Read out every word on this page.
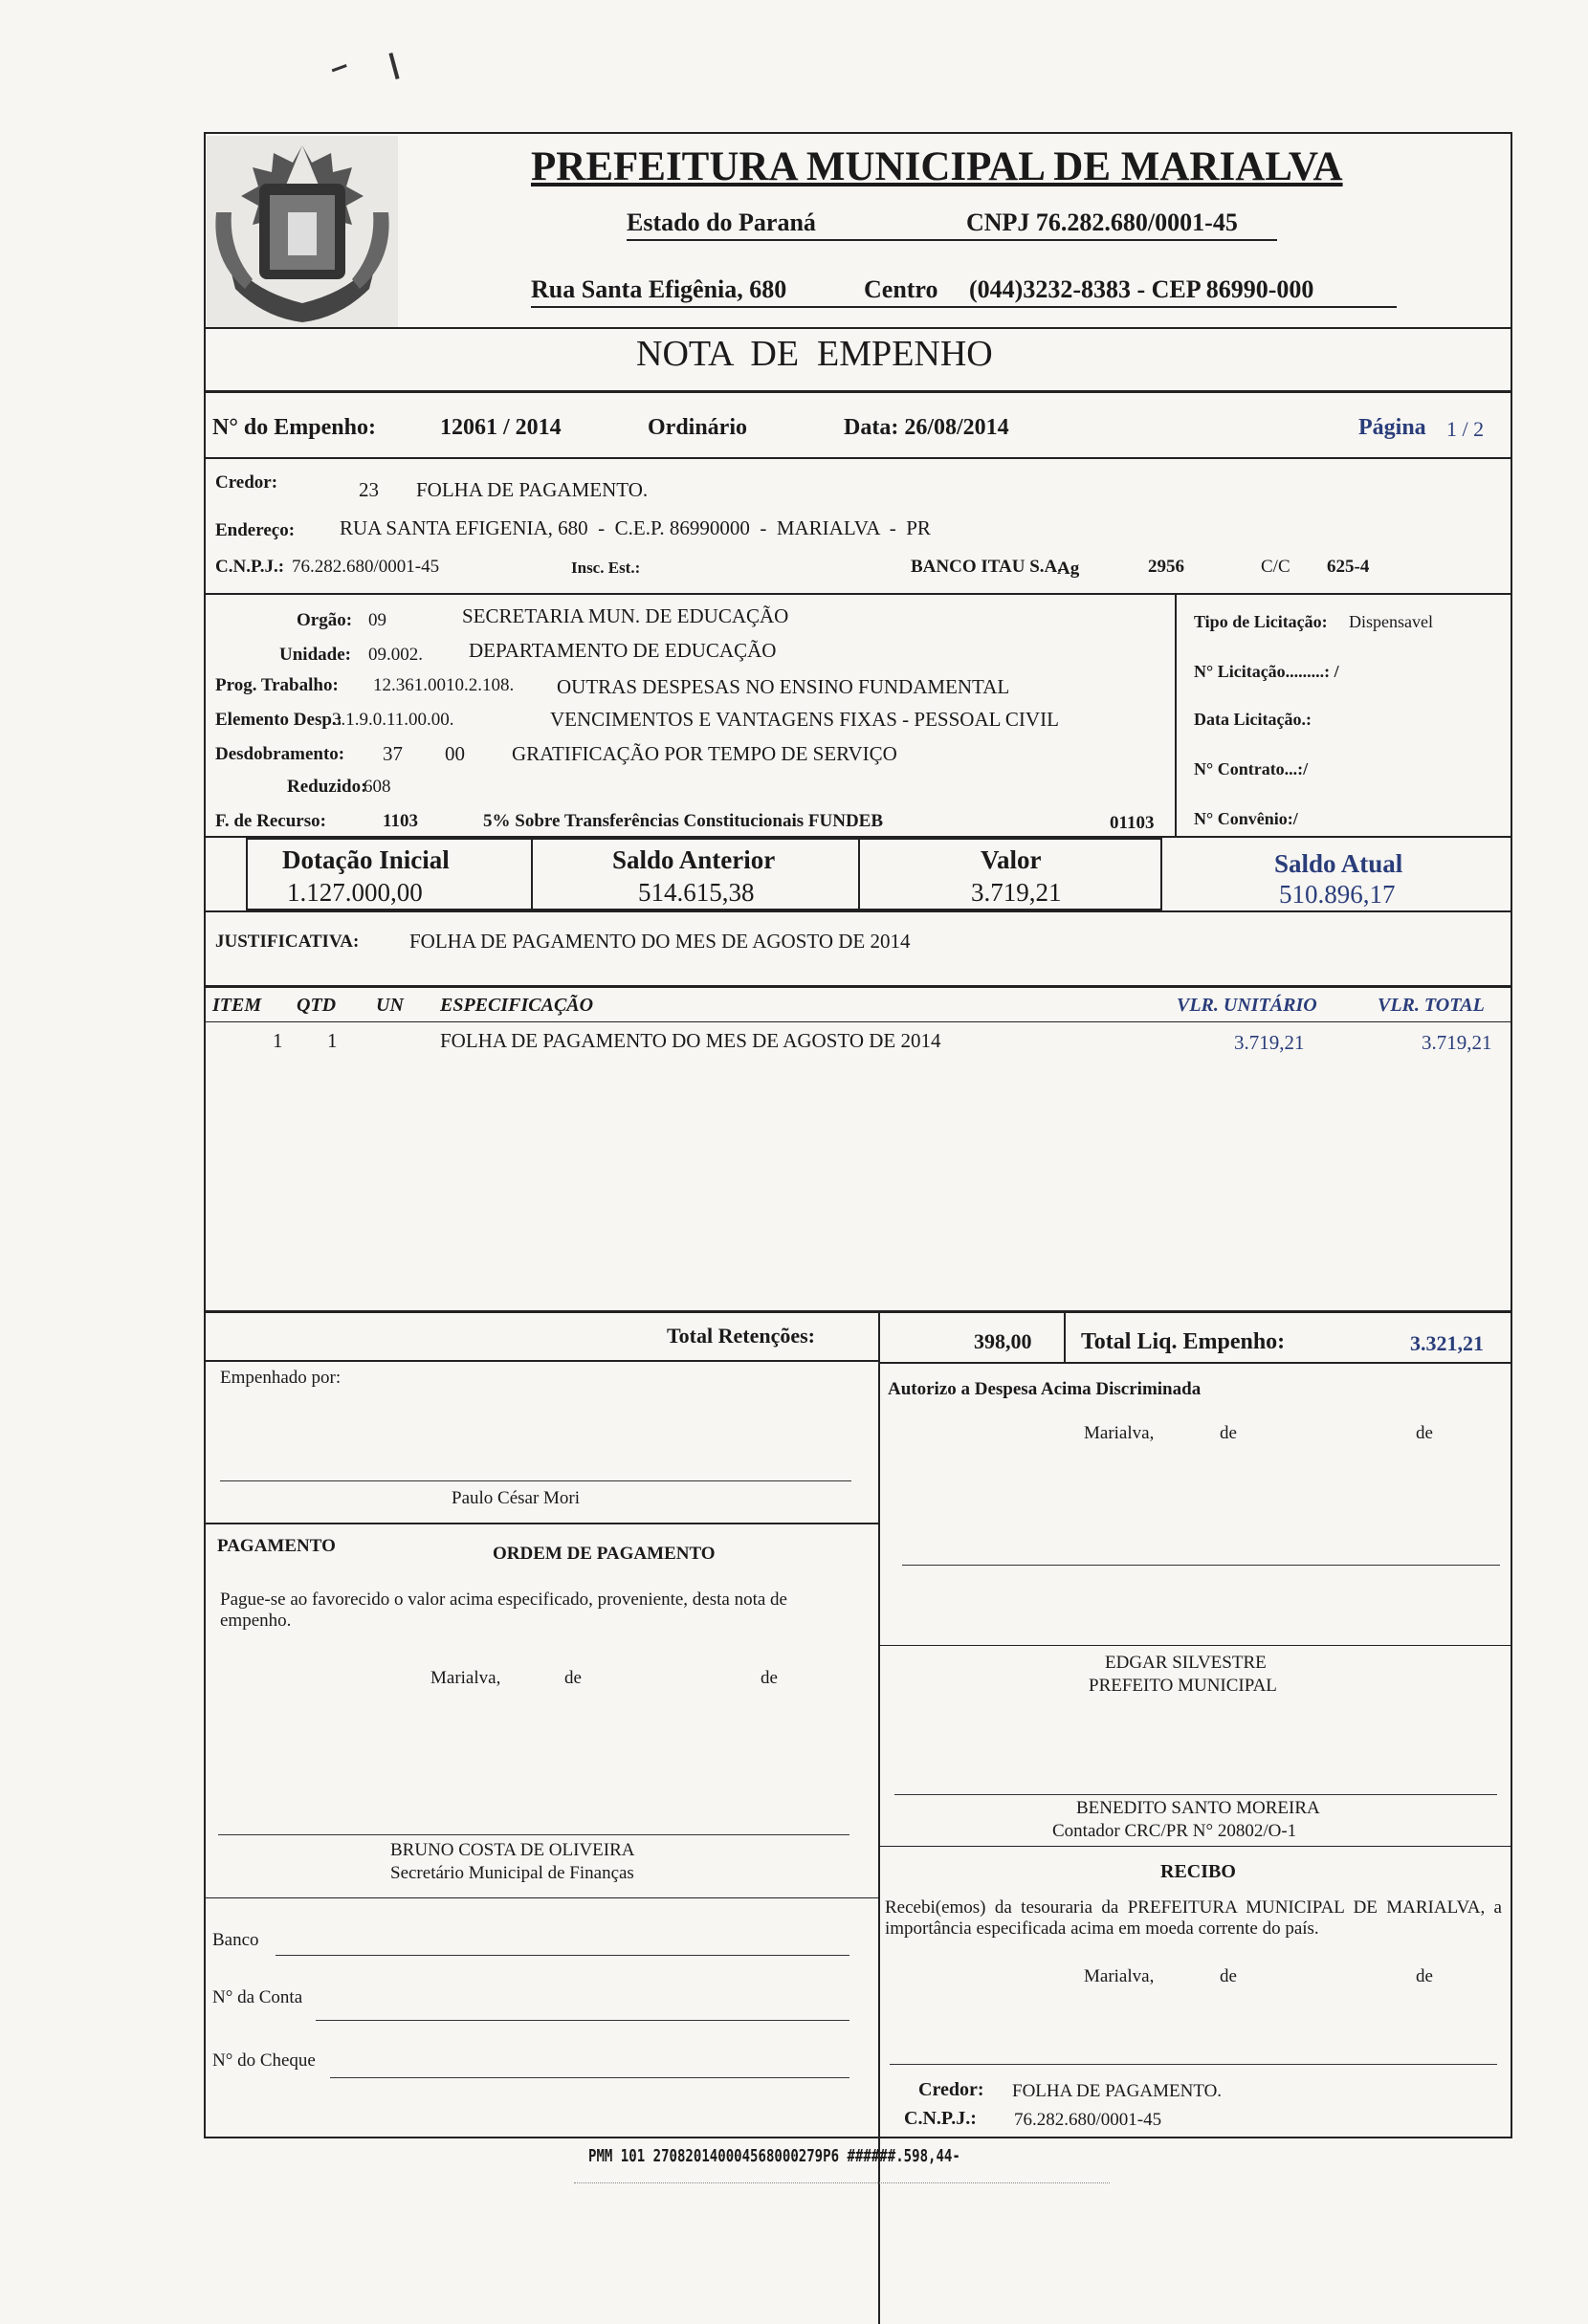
PREFEITURA MUNICIPAL DE MARIALVA
Estado do Paraná	CNPJ 76.282.680/0001-45
Rua Santa Efigênia, 680	Centro (044)3232-8383 - CEP 86990-000
NOTA  DE  EMPENHO
N° do Empenho:	12061 / 2014	Ordinário	Data: 26/08/2014	Página 1 / 2
Credor:	23 FOLHA DE PAGAMENTO.
Endereço: RUA SANTA EFIGENIA, 680  -  C.E.P. 86990000  -  MARIALVA  -  PR
C.N.P.J.: 76.282.680/0001-45	Insc. Est.:	BANCO ITAU S.A.
Ag	2956	C/C 625-4
Orgão: 09	SECRETARIA MUN. DE EDUCAÇÃO
Unidade: 09.002. DEPARTAMENTO DE EDUCAÇÃO
Prog. Trabalho: 12.361.0010.2.108. OUTRAS DESPESAS NO ENSINO FUNDAMENTAL
Elemento Desp.:
3.1.9.0.11.00.00.	VENCIMENTOS E VANTAGENS FIXAS - PESSOAL CIVIL
Desdobramento: 37 00 GRATIFICAÇÃO POR TEMPO DE SERVIÇO
Reduzido:
608
F. de Recurso:	1103	5% Sobre Transferências Constitucionais FUNDEB	01103
Tipo de Licitação: Dispensavel
N° Licitação.........: /
Data Licitação.:
N° Contrato...:/
N° Convênio:/
Dotação Inicial
1.127.000,00
Saldo Anterior
514.615,38
Valor
3.719,21
Saldo Atual
510.896,17
JUSTIFICATIVA:	FOLHA DE PAGAMENTO DO MES DE AGOSTO DE 2014
ITEM QTD UN ESPECIFICAÇÃO	VLR. UNITÁRIO	VLR. TOTAL
1 1	FOLHA DE PAGAMENTO DO MES DE AGOSTO DE 2014	3.719,21	3.719,21
Total Retenções:	398,00 Total Liq. Empenho:	3.321,21
Empenhado por:
Paulo César Mori
Autorizo a Despesa Acima Discriminada
Marialva,	de	de
EDGAR SILVESTRE
PREFEITO MUNICIPAL
PAGAMENTO	ORDEM DE PAGAMENTO
Pague-se ao favorecido o valor acima especificado, proveniente, desta nota de empenho.
Marialva,	de	de
BENEDITO SANTO MOREIRA
Contador CRC/PR N° 20802/O-1
BRUNO COSTA DE OLIVEIRA
Secretário Municipal de Finanças	RECIBO
Recebi(emos) da tesouraria da PREFEITURA MUNICIPAL DE MARIALVA, a importância especificada acima em moeda corrente do país.
Marialva,	de	de
Banco
N° da Conta
N° do Cheque
Credor: FOLHA DE PAGAMENTO.
C.N.P.J.: 76.282.680/0001-45
PMM 101 270820140004568000279P6 ######.598,44-
